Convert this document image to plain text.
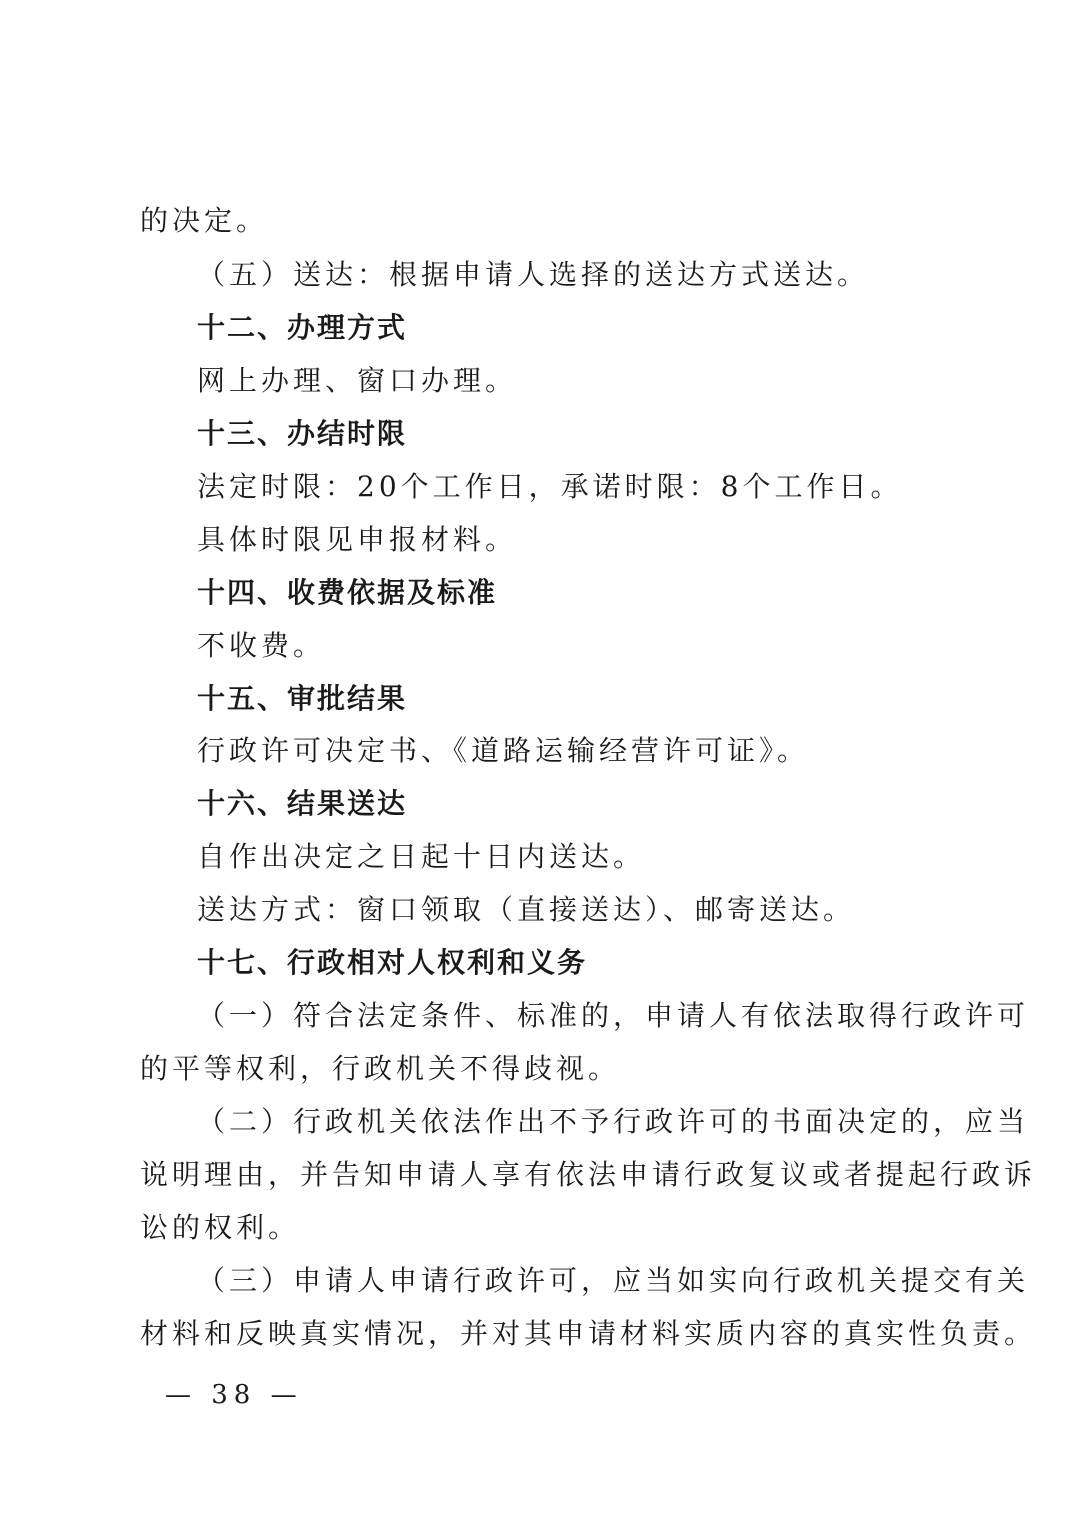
的决定。
（五）送达：根据申请人选择的送达方式送达。
十二、办理方式
网上办理、窗口办理。
十三、办结时限
法定时限：20个工作日，承诺时限：8个工作日。
具体时限见申报材料。
十四、收费依据及标准
不收费。
十五、审批结果
行政许可决定书、《道路运输经营许可证》。
十六、结果送达
自作出决定之日起十日内送达。
送达方式：窗口领取（直接送达）、邮寄送达。
十七、行政相对人权利和义务
（一）符合法定条件、标准的，申请人有依法取得行政许可
的平等权利，行政机关不得歧视。
（二）行政机关依法作出不予行政许可的书面决定的，应当
说明理由，并告知申请人享有依法申请行政复议或者提起行政诉
讼的权利。
（三）申请人申请行政许可，应当如实向行政机关提交有关
材料和反映真实情况，并对其申请材料实质内容的真实性负责。
— 38 —
